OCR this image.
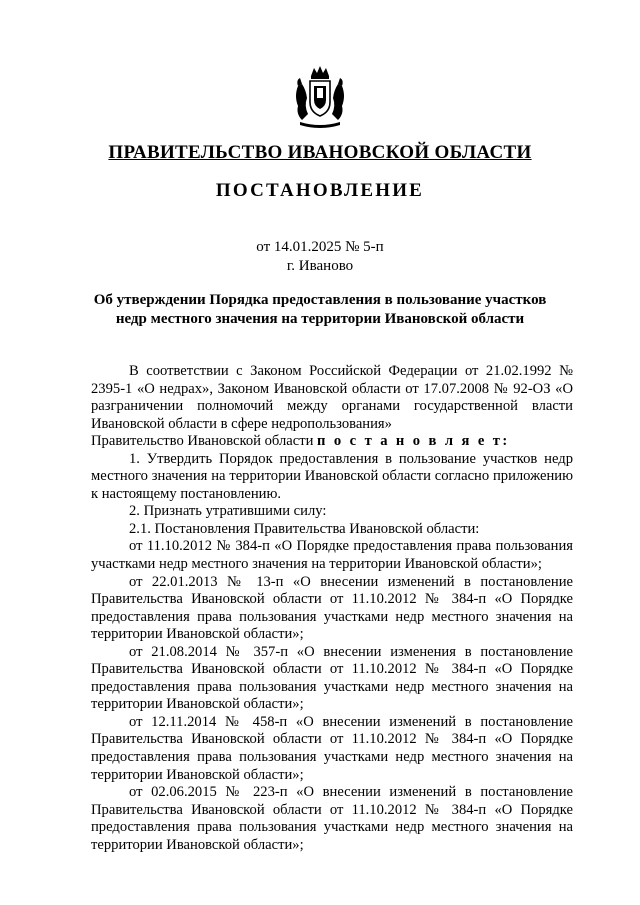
ПРАВИТЕЛЬСТВО ИВАНОВСКОЙ ОБЛАСТИ
ПОСТАНОВЛЕНИЕ
от 14.01.2025 № 5-п
г. Иваново
Об утверждении Порядка предоставления в пользование участков
недр местного значения на территории Ивановской области

В соответствии с Законом Российской Федерации от 21.02.1992 № 2395-1 «О недрах», Законом Ивановской области от 17.07.2008 № 92-ОЗ «О разграничении полномочий между органами государственной власти Ивановской области в сфере недропользования»

Правительство Ивановской области п о с т а н о в л я е т:

1. Утвердить Порядок предоставления в пользование участков недр местного значения на территории Ивановской области согласно приложению к настоящему постановлению.

2. Признать утратившими силу:

2.1. Постановления Правительства Ивановской области:

от 11.10.2012 № 384-п «О Порядке предоставления права пользования участками недр местного значения на территории Ивановской области»;

от 22.01.2013 № 13-п «О внесении изменений в постановление Правительства Ивановской области от 11.10.2012 № 384-п «О Порядке предоставления права пользования участками недр местного значения на территории Ивановской области»;

от 21.08.2014 № 357-п «О внесении изменения в постановление Правительства Ивановской области от 11.10.2012 № 384-п «О Порядке предоставления права пользования участками недр местного значения на территории Ивановской области»;

от 12.11.2014 № 458-п «О внесении изменений в постановление Правительства Ивановской области от 11.10.2012 № 384-п «О Порядке предоставления права пользования участками недр местного значения на территории Ивановской области»;

от 02.06.2015 № 223-п «О внесении изменений в постановление Правительства Ивановской области от 11.10.2012 № 384-п «О Порядке предоставления права пользования участками недр местного значения на территории Ивановской области»;
